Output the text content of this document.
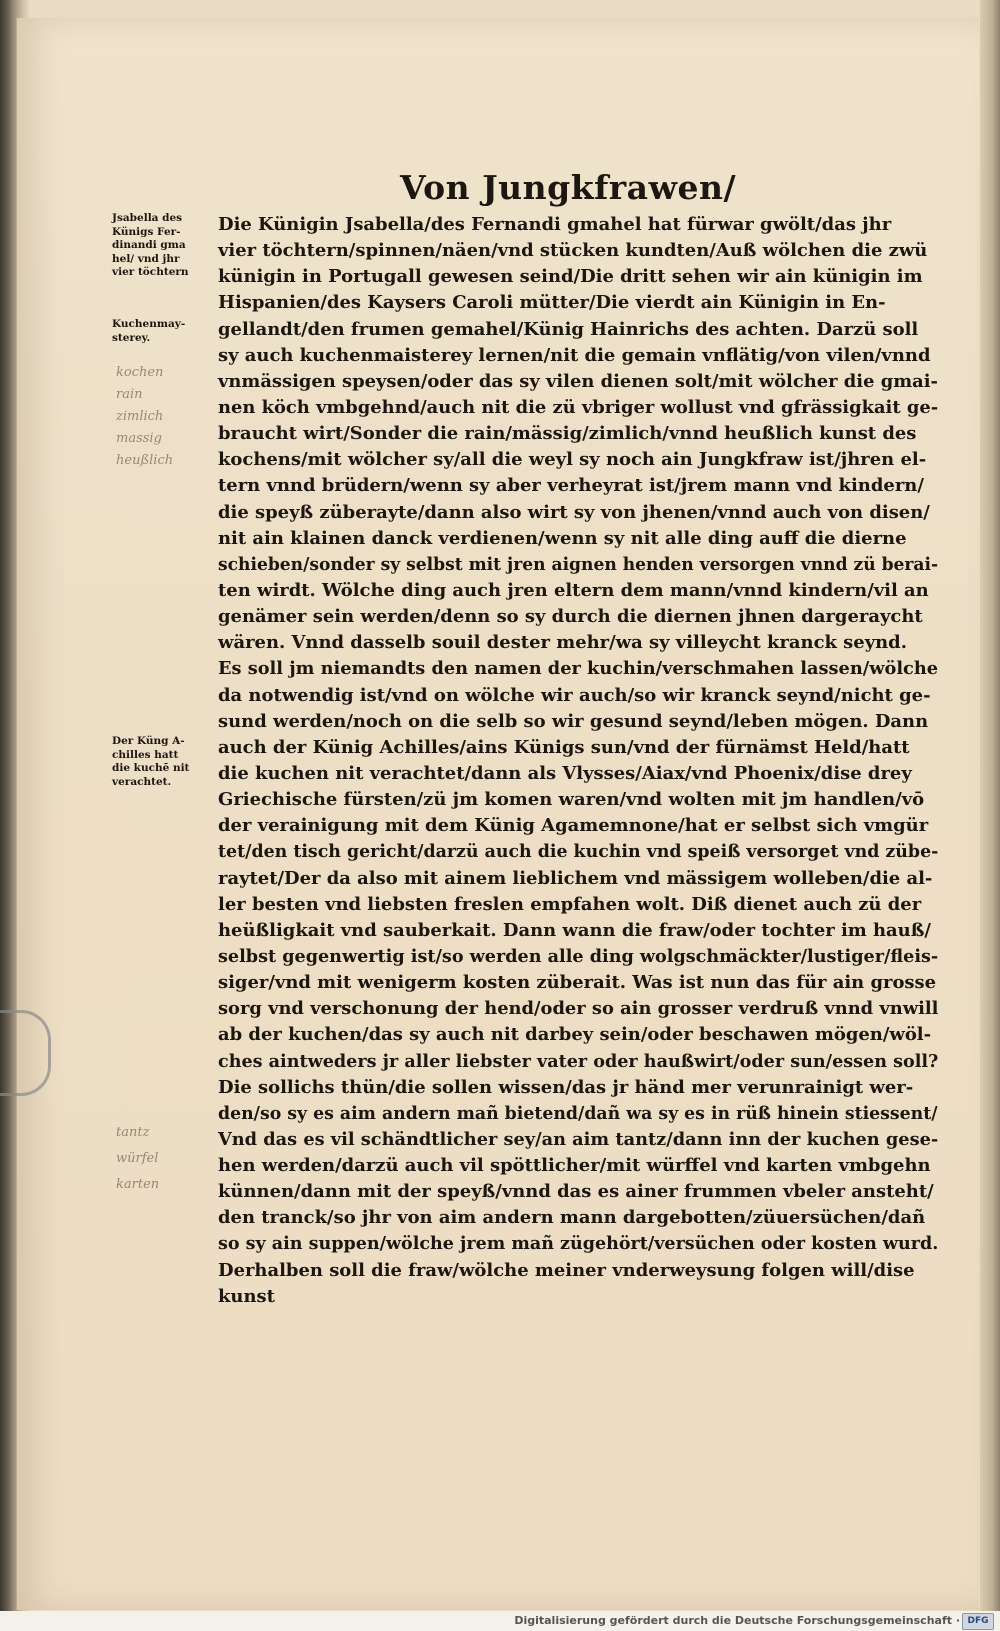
Von Jungkfrawen/
Jsabella des
Künigs Fer-
dinandi gma
hel/ vnd jhr
vier töchtern
Kuchenmay-
sterey.
kochen
rain
zimlich
massig
heußlich
Der Küng A-
chilles hatt
die kuchē nit
verachtet.
tantz
würfel
karten
Die Künigin Jsabella/des Fernandi gmahel hat fürwar gwölt/das jhr
vier töchtern/spinnen/näen/vnd stücken kundten/Auß wölchen die zwü
künigin in Portugall gewesen seind/Die dritt sehen wir ain künigin im
Hispanien/des Kaysers Caroli mütter/Die vierdt ain Künigin in En-
gellandt/den frumen gemahel/Künig Hainrichs des achten. Darzü soll
sy auch kuchenmaisterey lernen/nit die gemain vnflätig/von vilen/vnnd
vnmässigen speysen/oder das sy vilen dienen solt/mit wölcher die gmai-
nen köch vmbgehnd/auch nit die zü vbriger wollust vnd gfrässigkait ge-
braucht wirt/Sonder die rain/mässig/zimlich/vnnd heußlich kunst des
kochens/mit wölcher sy/all die weyl sy noch ain Jungkfraw ist/jhren el-
tern vnnd brüdern/wenn sy aber verheyrat ist/jrem mann vnd kindern/
die speyß züberayte/dann also wirt sy von jhenen/vnnd auch von disen/
nit ain klainen danck verdienen/wenn sy nit alle ding auff die dierne
schieben/sonder sy selbst mit jren aignen henden versorgen vnnd zü berai-
ten wirdt. Wölche ding auch jren eltern dem mann/vnnd kindern/vil an
genämer sein werden/denn so sy durch die diernen jhnen dargeraycht
wären. Vnnd dasselb souil dester mehr/wa sy villeycht kranck seynd.
Es soll jm niemandts den namen der kuchin/verschmahen lassen/wölche
da notwendig ist/vnd on wölche wir auch/so wir kranck seynd/nicht ge-
sund werden/noch on die selb so wir gesund seynd/leben mögen. Dann
auch der Künig Achilles/ains Künigs sun/vnd der fürnämst Held/hatt
die kuchen nit verachtet/dann als Vlysses/Aiax/vnd Phoenix/dise drey
Griechische fürsten/zü jm komen waren/vnd wolten mit jm handlen/vō
der verainigung mit dem Künig Agamemnone/hat er selbst sich vmgür
tet/den tisch gericht/darzü auch die kuchin vnd speiß versorget vnd zübe-
raytet/Der da also mit ainem lieblichem vnd mässigem wolleben/die al-
ler besten vnd liebsten freslen empfahen wolt. Diß dienet auch zü der
heüßligkait vnd sauberkait. Dann wann die fraw/oder tochter im hauß/
selbst gegenwertig ist/so werden alle ding wolgschmäckter/lustiger/fleis-
siger/vnd mit wenigerm kosten züberait. Was ist nun das für ain grosse
sorg vnd verschonung der hend/oder so ain grosser verdruß vnnd vnwill
ab der kuchen/das sy auch nit darbey sein/oder beschawen mögen/wöl-
ches aintweders jr aller liebster vater oder haußwirt/oder sun/essen soll?
Die sollichs thün/die sollen wissen/das jr händ mer verunrainigt wer-
den/so sy es aim andern mañ bietend/dañ wa sy es in rüß hinein stiessent/
Vnd das es vil schändtlicher sey/an aim tantz/dann inn der kuchen gese-
hen werden/darzü auch vil spöttlicher/mit würffel vnd karten vmbgehn
künnen/dann mit der speyß/vnnd das es ainer frummen vbeler ansteht/
den tranck/so jhr von aim andern mann dargebotten/züuersüchen/dañ
so sy ain suppen/wölche jrem mañ zügehört/versüchen oder kosten wurd.
Derhalben soll die fraw/wölche meiner vnderweysung folgen will/dise
kunst
Digitalisierung gefördert durch die Deutsche Forschungsgemeinschaft · DFG
